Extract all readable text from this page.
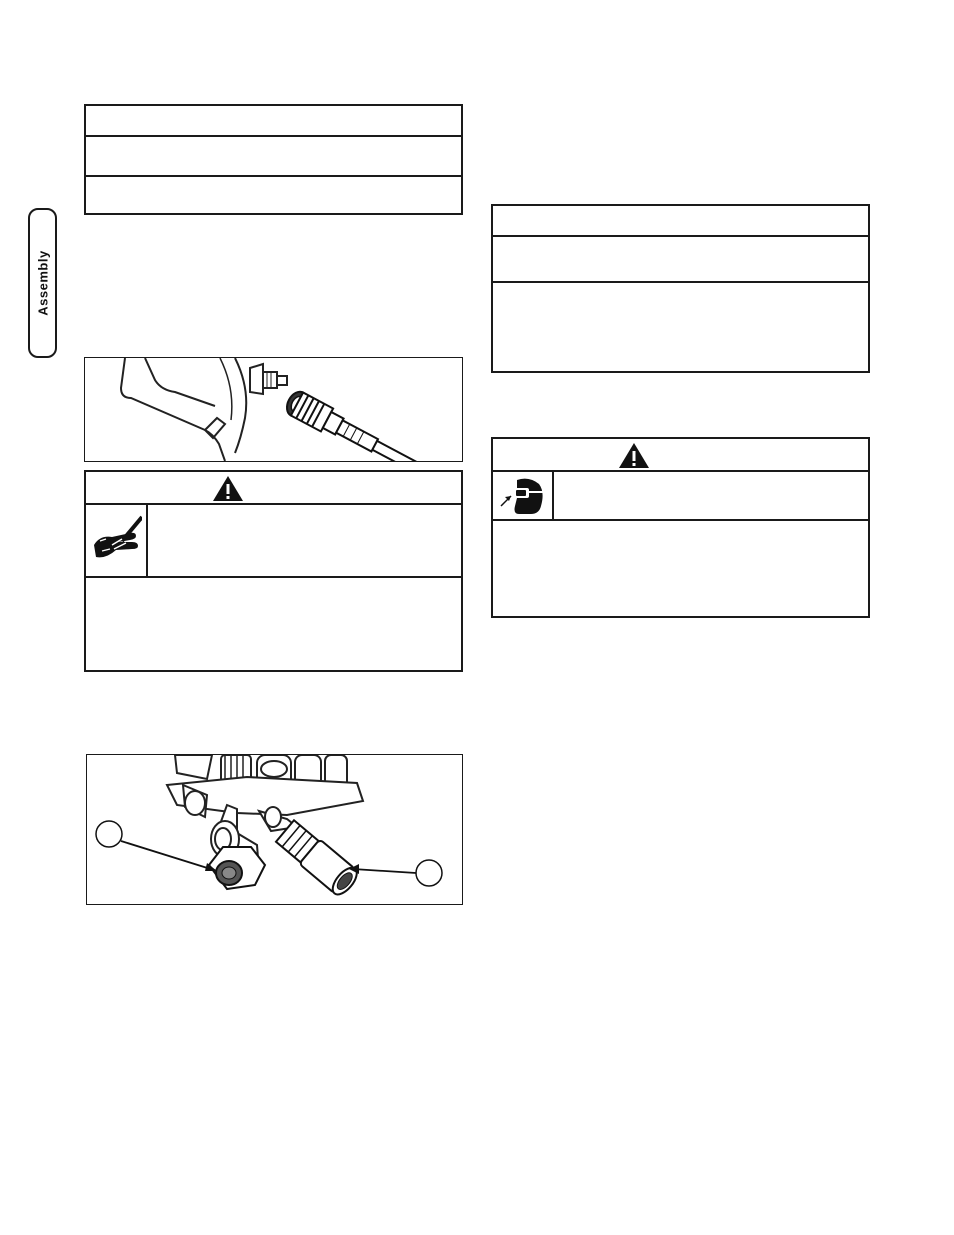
Assembly
